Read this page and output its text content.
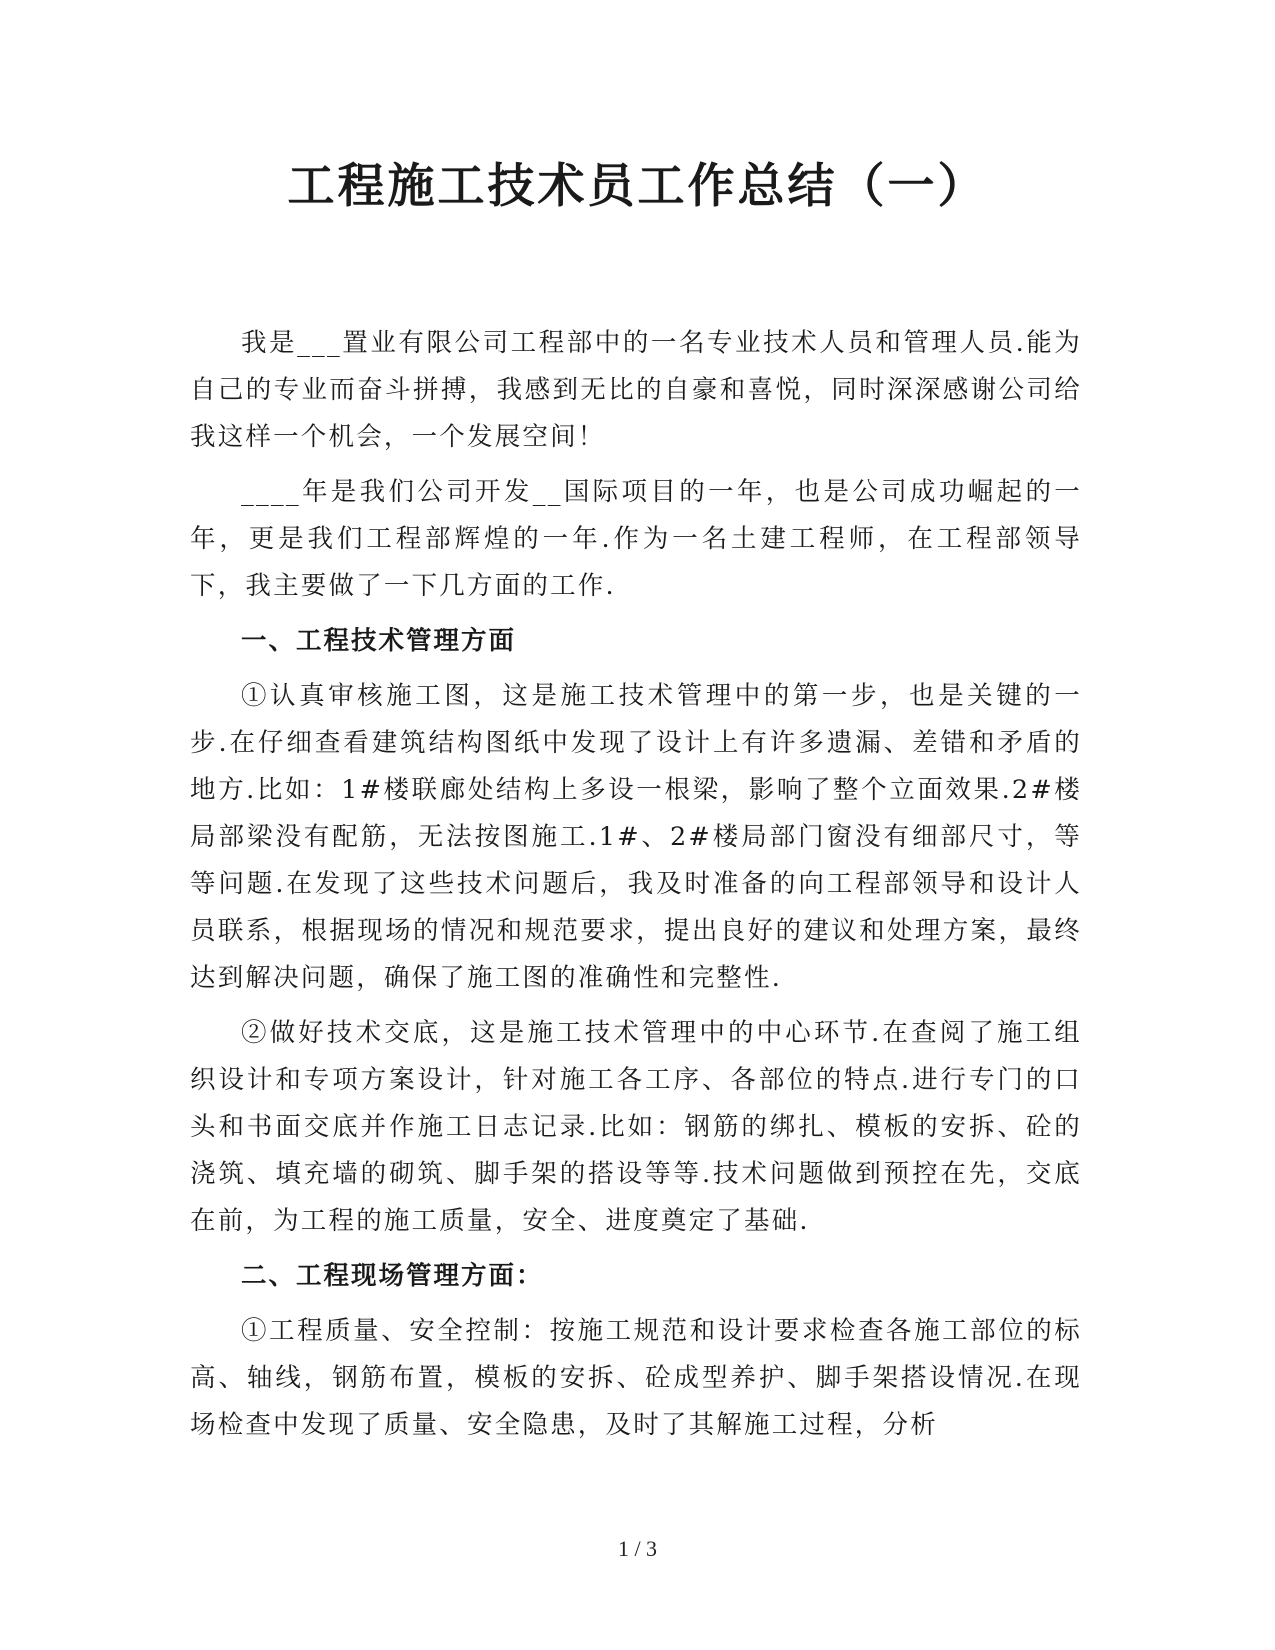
工程施工技术员工作总结（一）

我是___置业有限公司工程部中的一名专业技术人员和管理人员.能为自己的专业而奋斗拼搏，我感到无比的自豪和喜悦，同时深深感谢公司给我这样一个机会，一个发展空间！

____年是我们公司开发__国际项目的一年，也是公司成功崛起的一年，更是我们工程部辉煌的一年.作为一名土建工程师，在工程部领导下，我主要做了一下几方面的工作.

一、工程技术管理方面

①认真审核施工图，这是施工技术管理中的第一步，也是关键的一步.在仔细查看建筑结构图纸中发现了设计上有许多遗漏、差错和矛盾的地方.比如：1#楼联廊处结构上多设一根梁，影响了整个立面效果.2#楼局部梁没有配筋，无法按图施工.1#、2#楼局部门窗没有细部尺寸，等等问题.在发现了这些技术问题后，我及时准备的向工程部领导和设计人员联系，根据现场的情况和规范要求，提出良好的建议和处理方案，最终达到解决问题，确保了施工图的准确性和完整性.

②做好技术交底，这是施工技术管理中的中心环节.在查阅了施工组织设计和专项方案设计，针对施工各工序、各部位的特点.进行专门的口头和书面交底并作施工日志记录.比如：钢筋的绑扎、模板的安拆、砼的浇筑、填充墙的砌筑、脚手架的搭设等等.技术问题做到预控在先，交底在前，为工程的施工质量，安全、进度奠定了基础.

二、工程现场管理方面：

①工程质量、安全控制：按施工规范和设计要求检查各施工部位的标高、轴线，钢筋布置，模板的安拆、砼成型养护、脚手架搭设情况.在现场检查中发现了质量、安全隐患，及时了其解施工过程，分析

1 / 3
